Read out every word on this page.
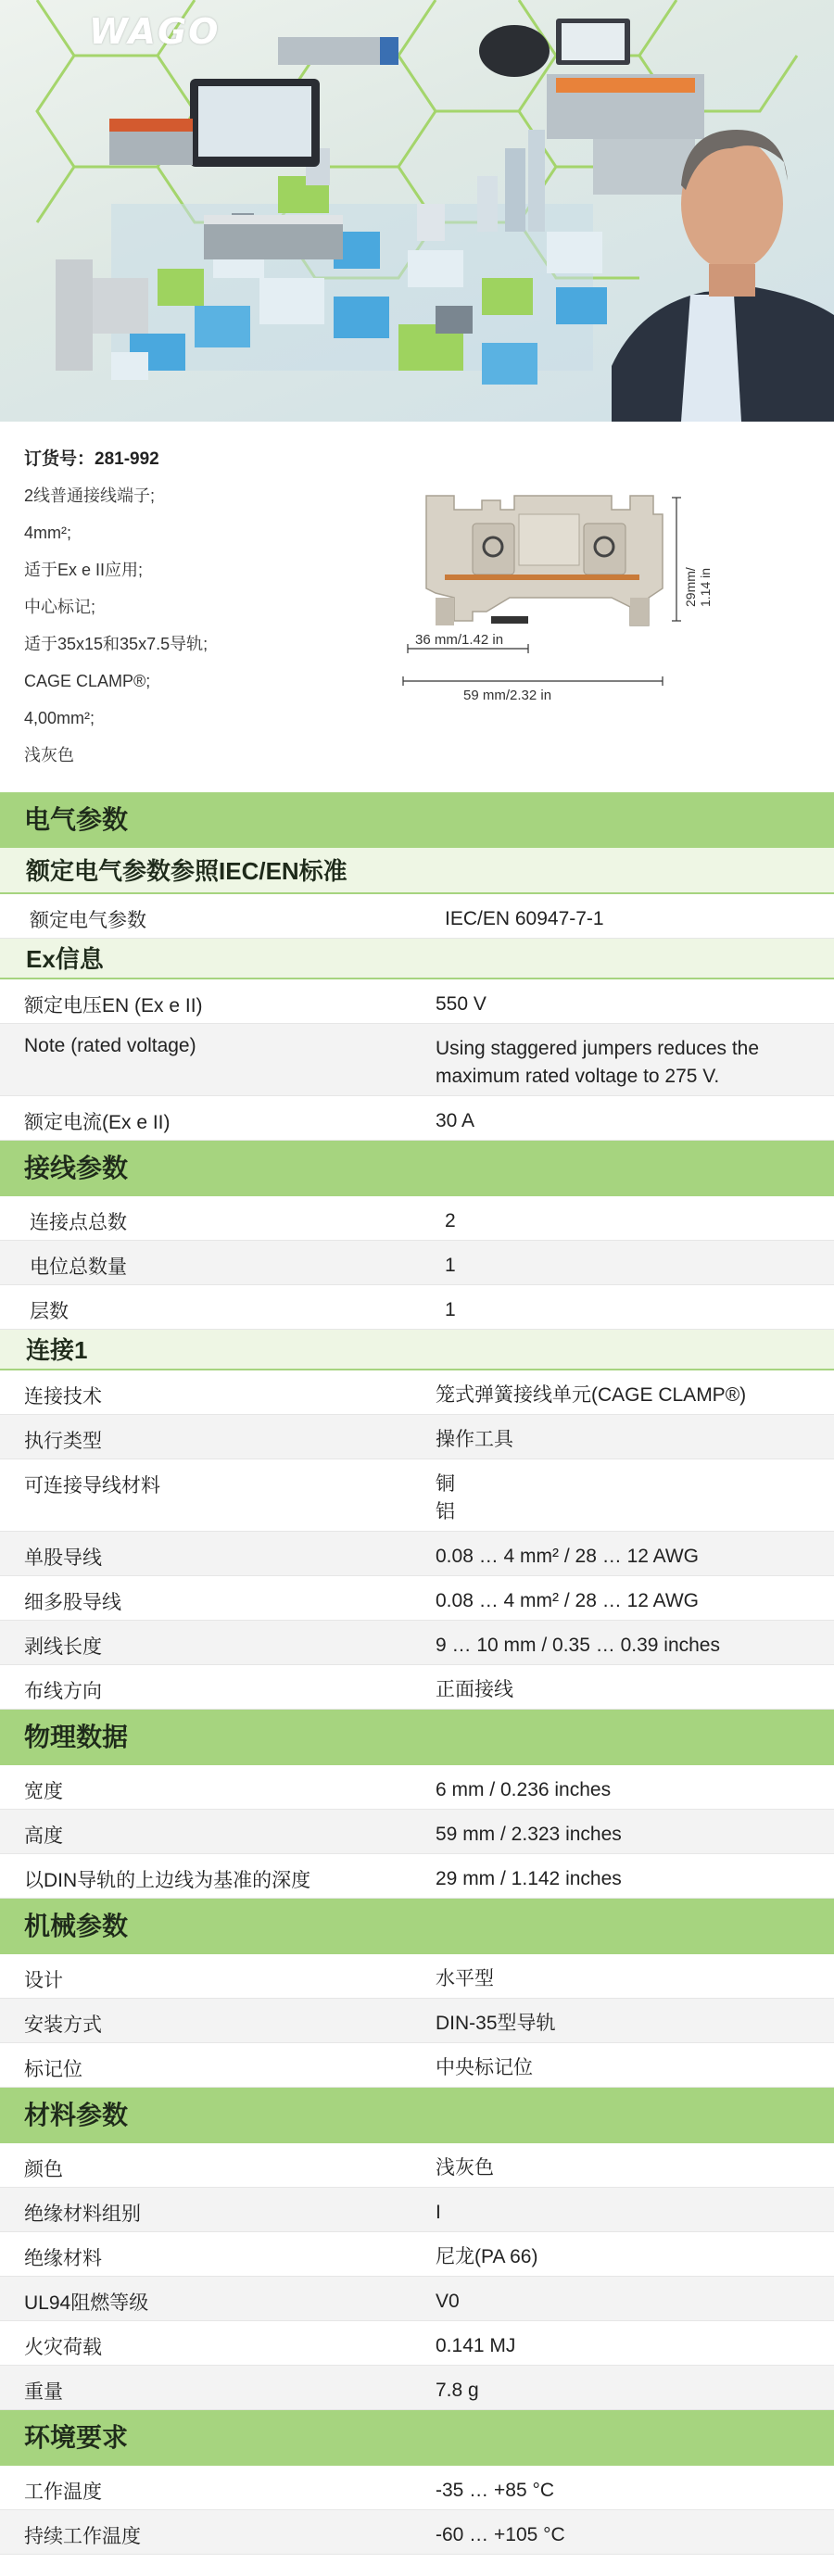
WAGO
订货号：281-992
2线普通接线端子;
4mm²;
适于Ex e II应用;
中心标记;
适于35x15和35x7.5导轨;
CAGE CLAMP®;
4,00mm²;
浅灰色
36 mm/1.42 in
59 mm/2.32 in
29mm/ 1.14 in
电气参数
额定电气参数参照IEC/EN标准
额定电气参数	IEC/EN 60947-7-1
Ex信息
额定电压EN (Ex e II)	550 V
Note (rated voltage)	Using staggered jumpers reduces the maximum rated voltage to 275 V.
额定电流(Ex e II)	30 A
接线参数
连接点总数	2
电位总数量	1
层数	1
连接1
连接技术	笼式弹簧接线单元(CAGE CLAMP®)
执行类型	操作工具
可连接导线材料	铜
铝
单股导线	0.08 … 4 mm² / 28 … 12 AWG
细多股导线	0.08 … 4 mm² / 28 … 12 AWG
剥线长度	9 … 10 mm / 0.35 … 0.39 inches
布线方向	正面接线
物理数据
宽度	6 mm / 0.236 inches
高度	59 mm / 2.323 inches
以DIN导轨的上边线为基准的深度	29 mm / 1.142 inches
机械参数
设计	水平型
安装方式	DIN-35型导轨
标记位	中央标记位
材料参数
颜色	浅灰色
绝缘材料组别	I
绝缘材料	尼龙(PA 66)
UL94阻燃等级	V0
火灾荷载	0.141 MJ
重量	7.8 g
环境要求
工作温度	-35 … +85 °C
持续工作温度	-60 … +105 °C
